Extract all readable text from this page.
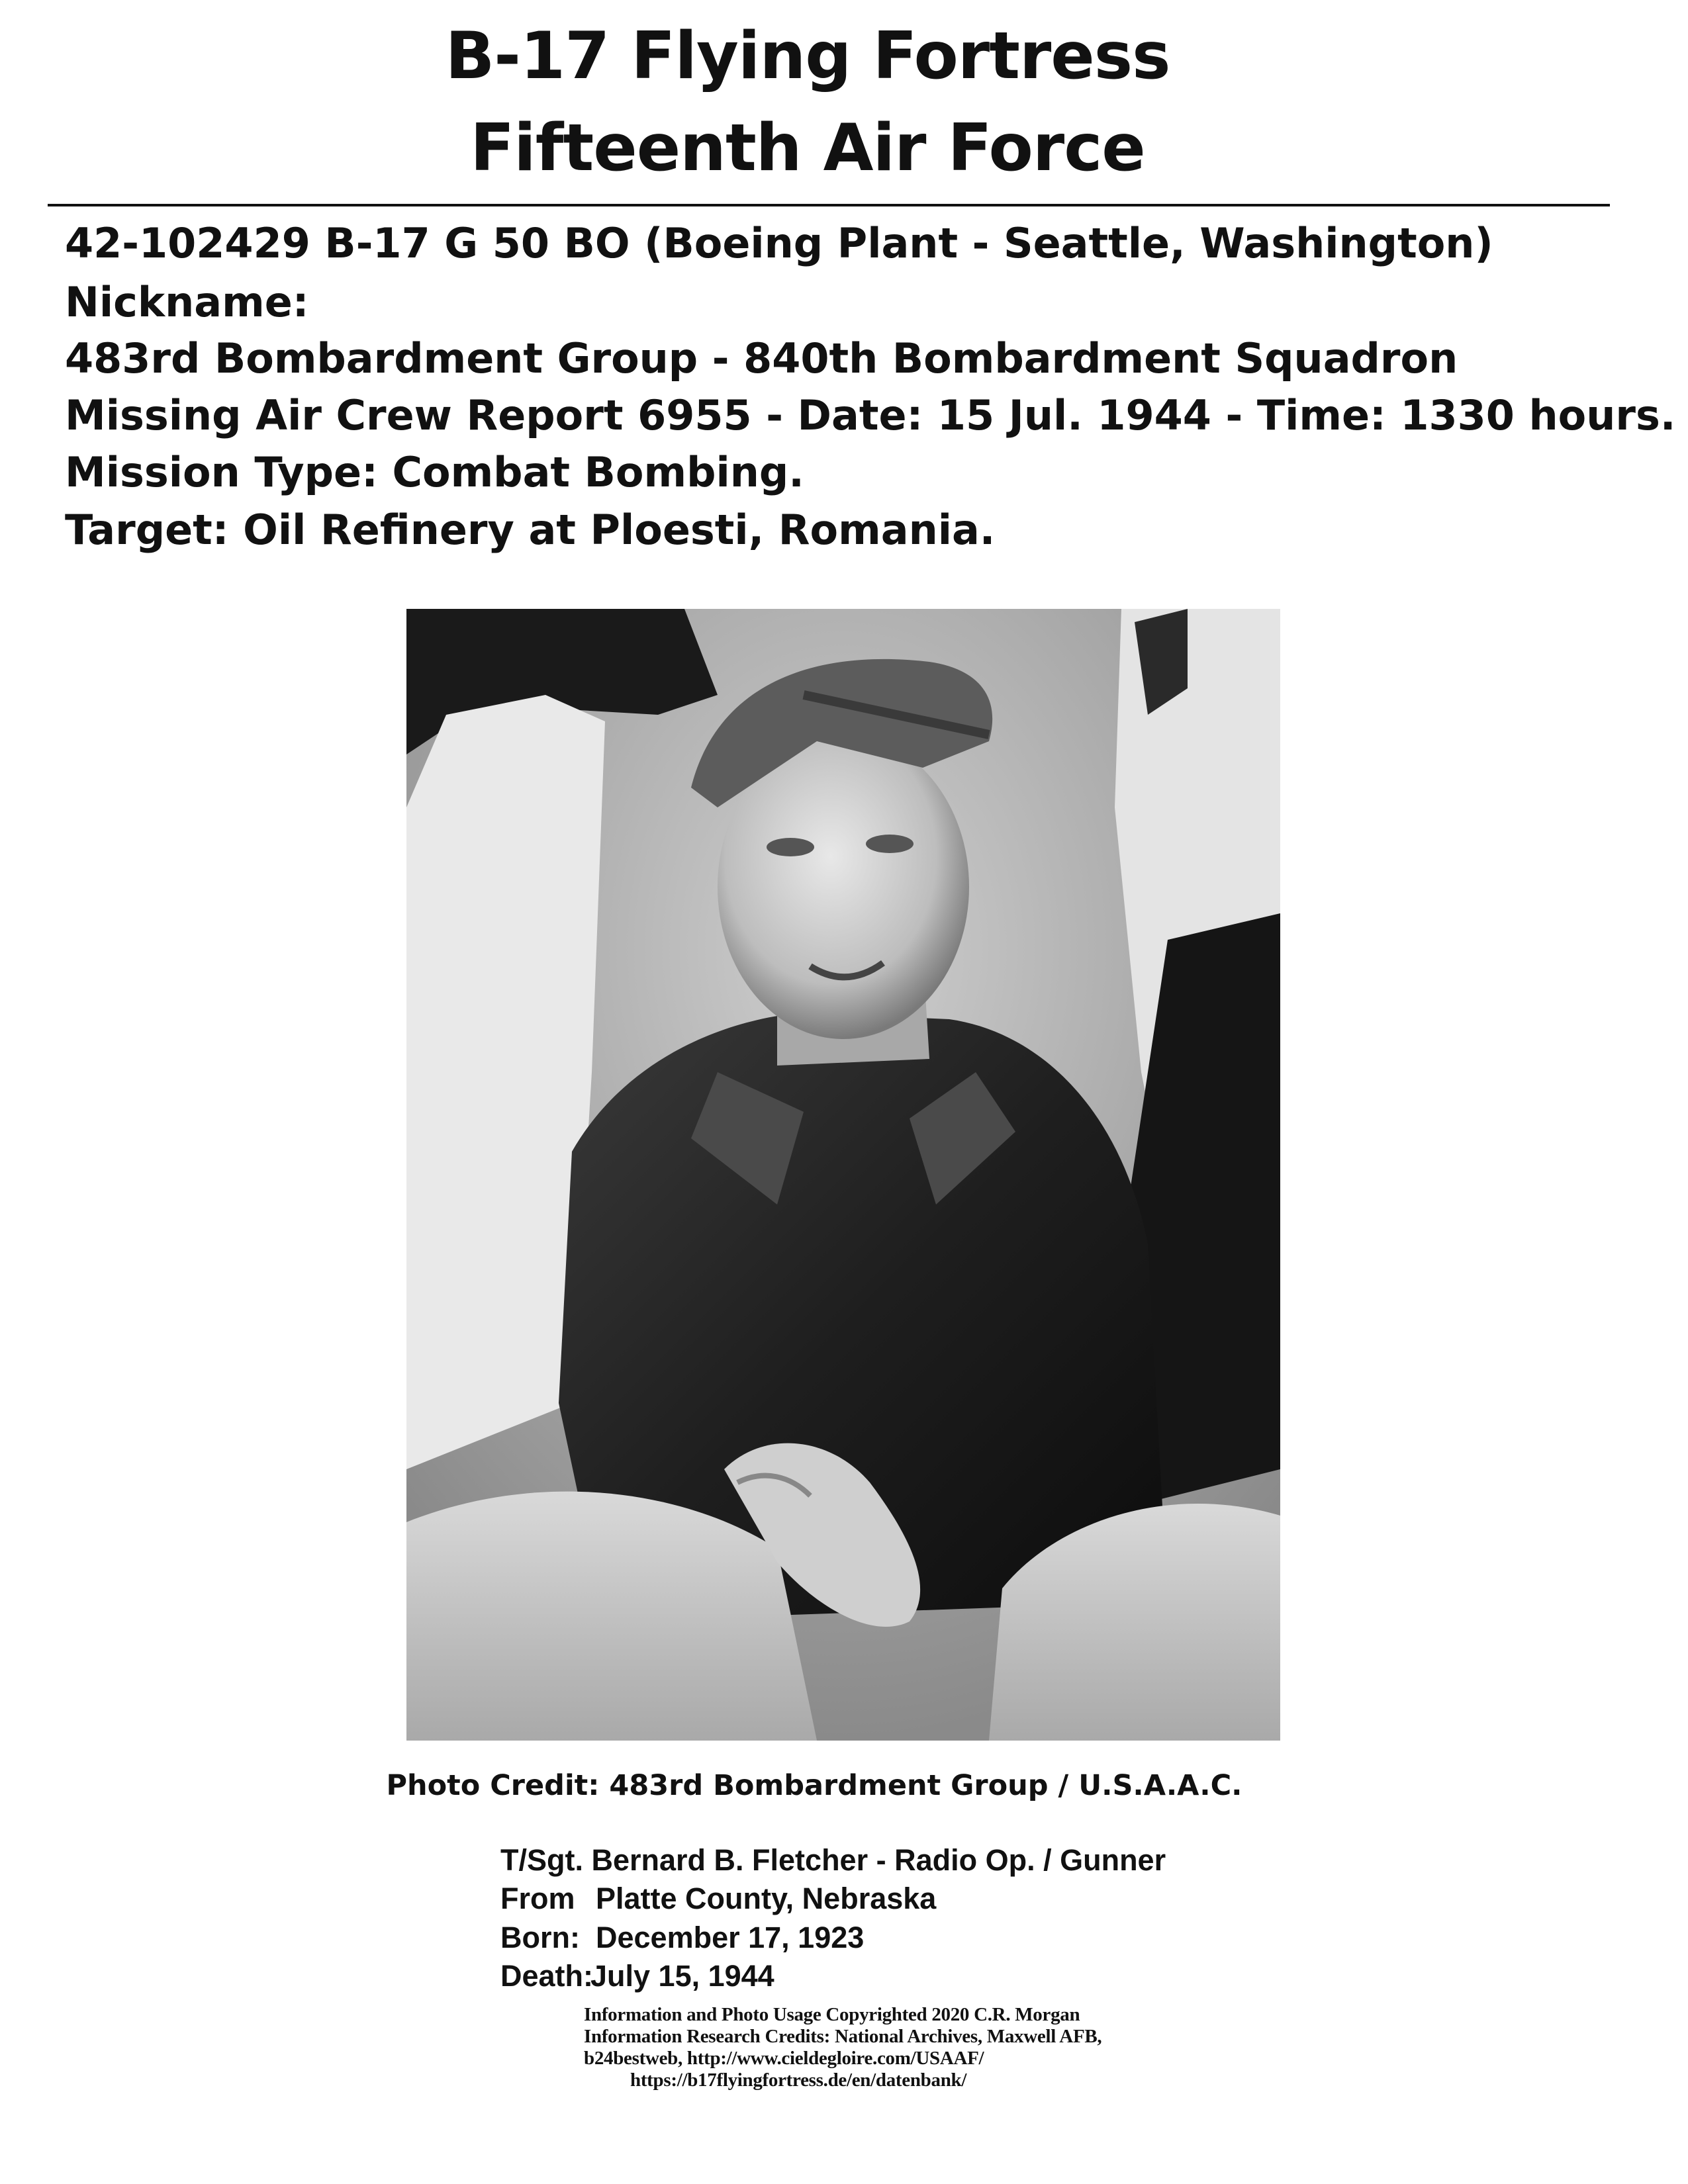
B-17 Flying Fortress
Fifteenth Air Force
42-102429 B-17 G 50 BO (Boeing Plant - Seattle, Washington)
Nickname:
483rd Bombardment Group - 840th Bombardment Squadron
Missing Air Crew Report 6955 - Date: 15 Jul. 1944 - Time: 1330 hours.
Mission Type: Combat Bombing.
Target: Oil Refinery at Ploesti, Romania.
Photo Credit: 483rd Bombardment Group / U.S.A.A.C.
T/Sgt. Bernard B. Fletcher - Radio Op. / Gunner
From Platte County, Nebraska
Born: December 17, 1923
Death:July 15, 1944
Information and Photo Usage Copyrighted 2020 C.R. Morgan
Information Research Credits: National Archives, Maxwell AFB,
b24bestweb, http://www.cieldegloire.com/USAAF/
https://b17flyingfortress.de/en/datenbank/
